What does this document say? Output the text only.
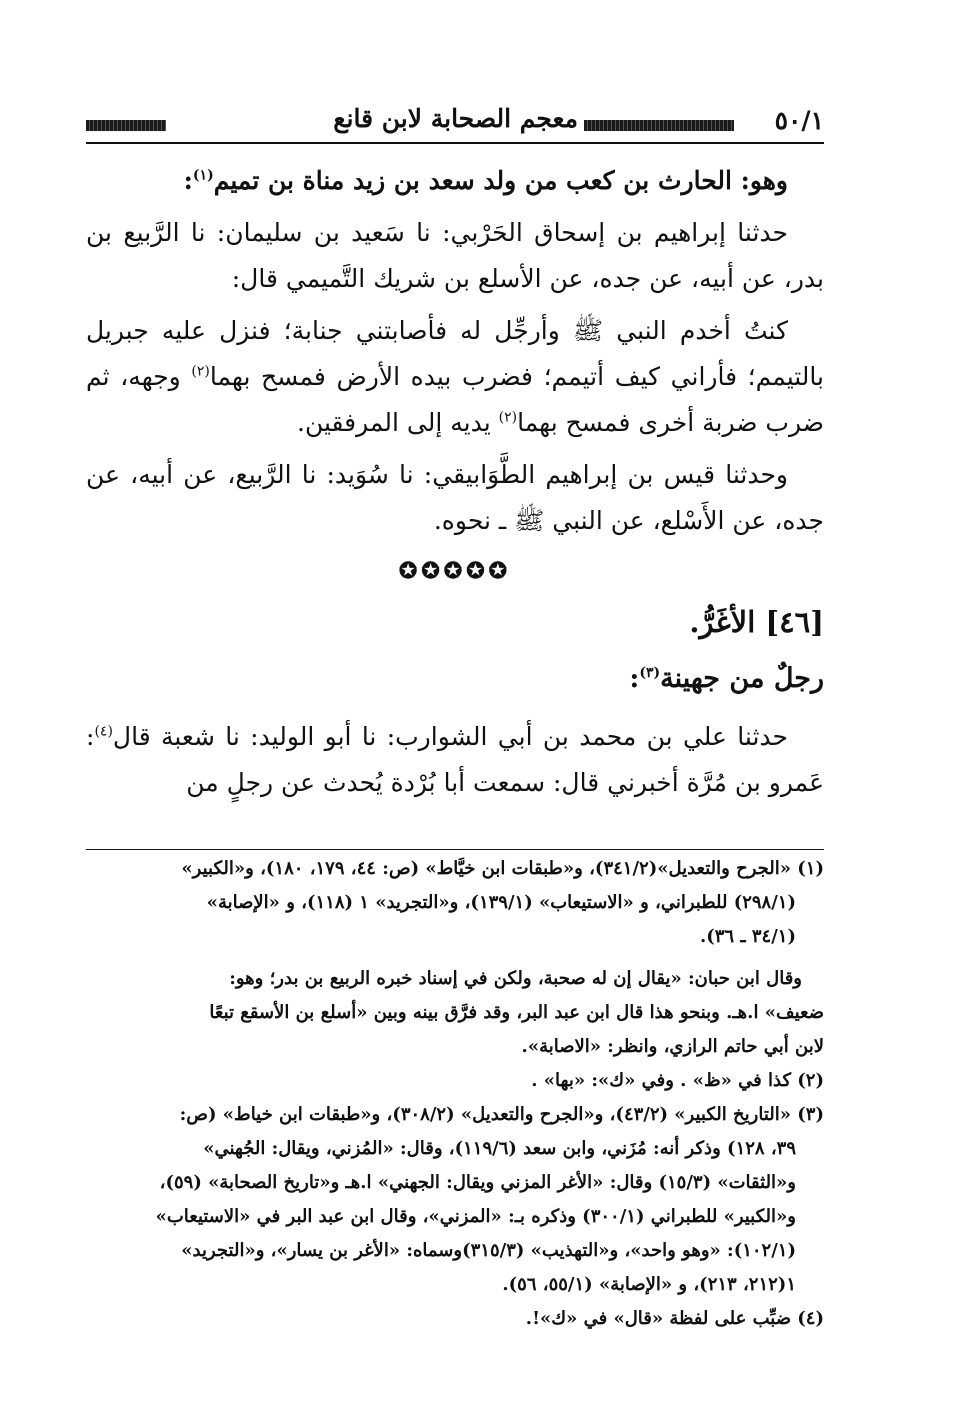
٥٠/١
معجم الصحابة لابن قانع

وهو: الحارث بن كعب من ولد سعد بن زيد مناة بن تميم$^{(١)}$:

حدثنا إبراهيم بن إسحاق الحَرْبي: نا سَعيد بن سليمان: نا الرَّبيع بن بدر، عن أبيه، عن جده، عن الأسلع بن شريك التَّميمي قال:

كنتُ أخدم النبي ﷺ وأرجِّل له فأصابتني جنابة؛ فنزل عليه جبريل بالتيمم؛ فأراني كيف أتيمم؛ فضرب بيده الأرض فمسح بهما$^{(٢)}$ وجهه، ثم ضرب ضربة أخرى فمسح بهما$^{(٢)}$ يديه إلى المرفقين.

وحدثنا قيس بن إبراهيم الطَّوَابيقي: نا سُوَيد: نا الرَّبيع، عن أبيه، عن جده، عن الأَسْلع، عن النبي ﷺ ـ نحوه.

✪✪✪✪✪
[٤٦] الأغَرُّ.
رجلٌ من جهينة$^{(٣)}$:

حدثنا علي بن محمد بن أبي الشوارب: نا أبو الوليد: نا شعبة قال$^{(٤)}$: عَمرو بن مُرَّة أخبرني قال: سمعت أبا بُرْدة يُحدث عن رجلٍ من

(١) «الجرح والتعديل»(٣٤١/٢)، و«طبقات ابن خيَّاط» (ص: ٤٤، ١٧٩، ١٨٠)، و«الكبير»

(٢٩٨/١) للطبراني، و «الاستيعاب» (١٣٩/١)، و«التجريد» ١ (١١٨)، و «الإصابة»

(٣٤/١ ـ ٣٦).

وقال ابن حبان: «يقال إن له صحبة، ولكن في إسناد خبره الربيع بن بدر؛ وهو:

ضعيف» ا.هـ. وبنحو هذا قال ابن عبد البر، وقد فرَّق بينه وبين «أسلع بن الأسقع تبعًا

لابن أبي حاتم الرازي، وانظر: «الاصابة».

(٢) كذا في «ظ» . وفي «ك»: «بها» .

(٣) «التاريخ الكبير» (٤٣/٢)، و«الجرح والتعديل» (٣٠٨/٢)، و«طبقات ابن خياط» (ص:

٣٩، ١٢٨) وذكر أنه: مُزَني، وابن سعد (١١٩/٦)، وقال: «المُزني، ويقال: الجُهني»

و«الثقات» (١٥/٣) وقال: «الأغر المزني ويقال: الجهني» ا.هـ و«تاريخ الصحابة» (٥٩)،

و«الكبير» للطبراني (٣٠٠/١) وذكره بـ: «المزني»، وقال ابن عبد البر في «الاستيعاب»

(١٠٢/١): «وهو واحد»، و«التهذيب» (٣١٥/٣)وسماه: «الأغر بن يسار»، و«التجريد»

١(٢١٢، ٢١٣)، و «الإصابة» (٥٥/١، ٥٦).

(٤) ضبِّب على لفظة «قال» في «ك»!.
